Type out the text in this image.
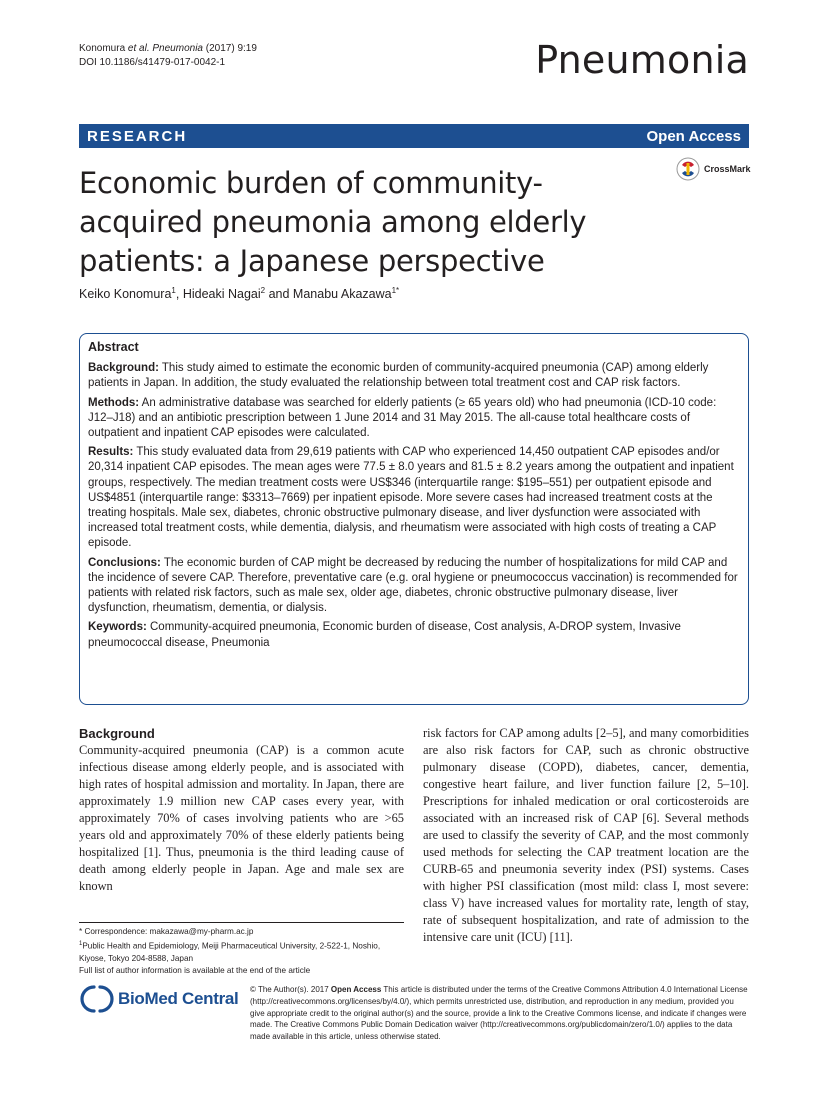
Konomura et al. Pneumonia (2017) 9:19
DOI 10.1186/s41479-017-0042-1	Pneumonia
RESEARCH	Open Access
Economic burden of community-acquired pneumonia among elderly patients: a Japanese perspective
CrossMark
Keiko Konomura$^1$, Hideaki Nagai$^2$ and Manabu Akazawa$^{1*}$
Abstract

Background: This study aimed to estimate the economic burden of community-acquired pneumonia (CAP) among elderly patients in Japan. In addition, the study evaluated the relationship between total treatment cost and CAP risk factors.

Methods: An administrative database was searched for elderly patients (≥ 65 years old) who had pneumonia (ICD-10 code: J12–J18) and an antibiotic prescription between 1 June 2014 and 31 May 2015. The all-cause total healthcare costs of outpatient and inpatient CAP episodes were calculated.

Results: This study evaluated data from 29,619 patients with CAP who experienced 14,450 outpatient CAP episodes and/or 20,314 inpatient CAP episodes. The mean ages were 77.5 ± 8.0 years and 81.5 ± 8.2 years among the outpatient and inpatient groups, respectively. The median treatment costs were US$346 (interquartile range: $195–551) per outpatient episode and US$4851 (interquartile range: $3313–7669) per inpatient episode. More severe cases had increased treatment costs at the treating hospitals. Male sex, diabetes, chronic obstructive pulmonary disease, and liver dysfunction were associated with increased total treatment costs, while dementia, dialysis, and rheumatism were associated with high costs of treating a CAP episode.

Conclusions: The economic burden of CAP might be decreased by reducing the number of hospitalizations for mild CAP and the incidence of severe CAP. Therefore, preventative care (e.g. oral hygiene or pneumococcus vaccination) is recommended for patients with related risk factors, such as male sex, older age, diabetes, chronic obstructive pulmonary disease, liver dysfunction, rheumatism, dementia, or dialysis.

Keywords: Community-acquired pneumonia, Economic burden of disease, Cost analysis, A-DROP system, Invasive pneumococcal disease, Pneumonia

Background

Community-acquired pneumonia (CAP) is a common acute infectious disease among elderly people, and is associated with high rates of hospital admission and mortality. In Japan, there are approximately 1.9 million new CAP cases every year, with approximately 70% of cases involving patients who are >65 years old and approximately 70% of these elderly patients being hospitalized [1]. Thus, pneumonia is the third leading cause of death among elderly people in Japan. Age and male sex are known

risk factors for CAP among adults [2–5], and many comorbidities are also risk factors for CAP, such as chronic obstructive pulmonary disease (COPD), diabetes, cancer, dementia, congestive heart failure, and liver function failure [2, 5–10]. Prescriptions for inhaled medication or oral corticosteroids are associated with an increased risk of CAP [6]. Several methods are used to classify the severity of CAP, and the most commonly used methods for selecting the CAP treatment location are the CURB-65 and pneumonia severity index (PSI) systems. Cases with higher PSI classification (most mild: class I, most severe: class V) have increased values for mortality rate, length of stay, rate of subsequent hospitalization, and rate of admission to the intensive care unit (ICU) [11].

* Correspondence: makazawa@my-pharm.ac.jp
$^1$Public Health and Epidemiology, Meiji Pharmaceutical University, 2-522-1, Noshio, Kiyose, Tokyo 204-8588, Japan
Full list of author information is available at the end of the article
BioMed Central © The Author(s). 2017 Open Access This article is distributed under the terms of the Creative Commons Attribution 4.0 International License (http://creativecommons.org/licenses/by/4.0/), which permits unrestricted use, distribution, and reproduction in any medium, provided you give appropriate credit to the original author(s) and the source, provide a link to the Creative Commons license, and indicate if changes were made. The Creative Commons Public Domain Dedication waiver (http://creativecommons.org/publicdomain/zero/1.0/) applies to the data made available in this article, unless otherwise stated.
